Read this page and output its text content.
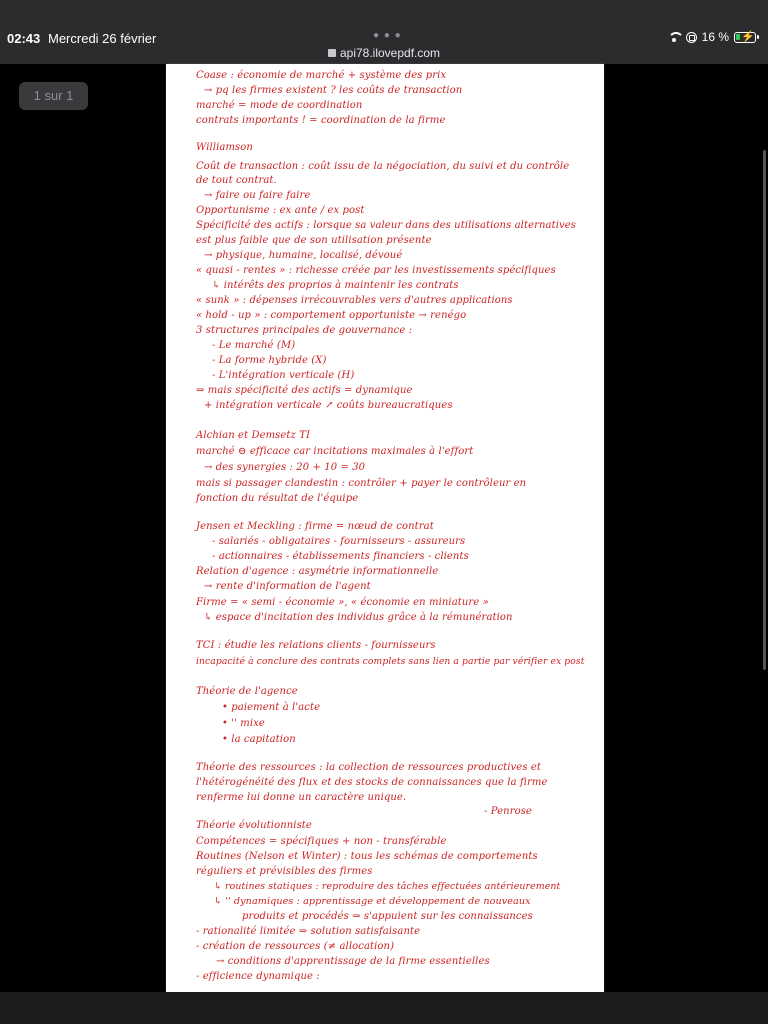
02:43 Mercredi 26 février	● ● ●	16 % ⚡
api78.ilovepdf.com
1 sur 1
Coase : économie de marché + système des prix
→ pq les firmes existent ? les coûts de transaction
marché = mode de coordination
contrats importants ! = coordination de la firme
Williamson
Coût de transaction : coût issu de la négociation, du suivi et du contrôle
de tout contrat.
→ faire ou faire faire
Opportunisme : ex ante / ex post
Spécificité des actifs : lorsque sa valeur dans des utilisations alternatives
est plus faible que de son utilisation présente
→ physique, humaine, localisé, dévoué
« quasi - rentes » : richesse créée par les investissements spécifiques
↳ intérêts des proprios à maintenir les contrats
« sunk » : dépenses irrécouvrables vers d'autres applications
« hold - up » : comportement opportuniste → renégo
3 structures principales de gouvernance :
- Le marché (M)
- La forme hybride (X)
- L'intégration verticale (H)
⇒ mais spécificité des actifs = dynamique
+ intégration verticale ↗ coûts bureaucratiques
Alchian et Demsetz TI
marché ⊖ efficace car incitations maximales à l'effort
→ des synergies : 20 + 10 = 30
mais si passager clandestin : contrôler + payer le contrôleur en
fonction du résultat de l'équipe
Jensen et Meckling : firme = nœud de contrat
- salariés - obligataires - fournisseurs - assureurs
- actionnaires - établissements financiers - clients
Relation d'agence : asymétrie informationnelle
→ rente d'information de l'agent
Firme = « semi - économie », « économie en miniature »
↳ espace d'incitation des individus grâce à la rémunération
TCI : étudie les relations clients - fournisseurs
incapacité à conclure des contrats complets sans lien a partie par vérifier ex post
Théorie de l'agence
• paiement à l'acte
• '' mixe
• la capitation
Théorie des ressources : la collection de ressources productives et
l'hétérogénéité des flux et des stocks de connaissances que la firme
renferme lui donne un caractère unique.
- Penrose
Théorie évolutionniste
Compétences = spécifiques + non - transférable
Routines (Nelson et Winter) : tous les schémas de comportements
réguliers et prévisibles des firmes
↳ routines statiques : reproduire des tâches effectuées antérieurement
↳ '' dynamiques : apprentissage et développement de nouveaux
produits et procédés ⇒ s'appuient sur les connaissances
- rationalité limitée ⇒ solution satisfaisante
- création de ressources (≠ allocation)
→ conditions d'apprentissage de la firme essentielles
- efficience dynamique :
